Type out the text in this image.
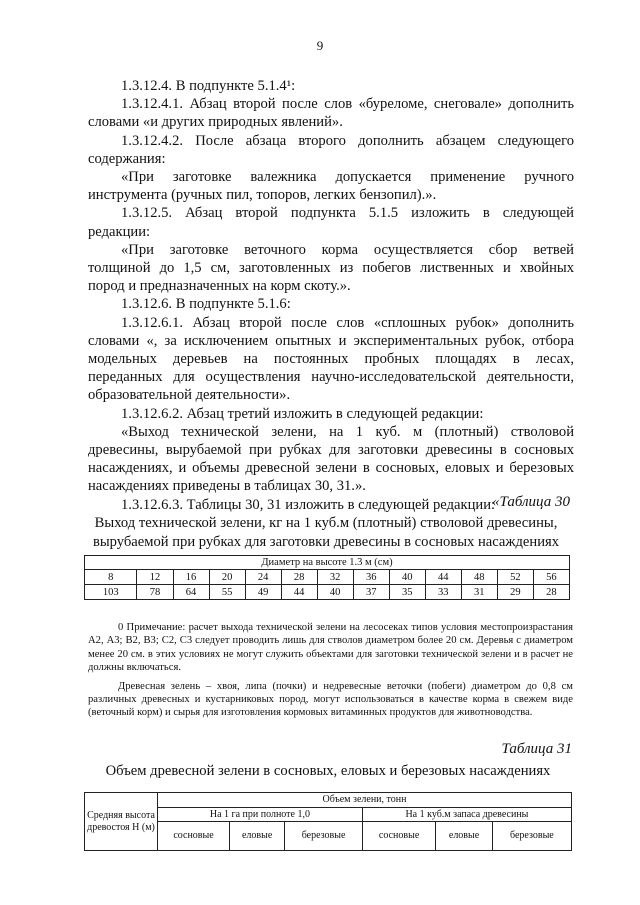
9

1.3.12.4. В подпункте 5.1.4¹:

1.3.12.4.1. Абзац второй после слов «буреломе, снеговале» дополнить

словами «и других природных явлений».

1.3.12.4.2. После абзаца второго дополнить абзацем следующего

содержания:

«При заготовке валежника допускается применение ручного

инструмента (ручных пил, топоров, легких бензопил).».

1.3.12.5. Абзац второй подпункта 5.1.5 изложить в следующей

редакции:

«При заготовке веточного корма осуществляется сбор ветвей

толщиной до 1,5 см, заготовленных из побегов лиственных и хвойных

пород и предназначенных на корм скоту.».

1.3.12.6. В подпункте 5.1.6:

1.3.12.6.1. Абзац второй после слов «сплошных рубок» дополнить

словами «, за исключением опытных и экспериментальных рубок, отбора

модельных деревьев на постоянных пробных площадях в лесах,

переданных для осуществления научно-исследовательской деятельности,

образовательной деятельности».

1.3.12.6.2. Абзац третий изложить в следующей редакции:

«Выход технической зелени, на 1 куб. м (плотный) стволовой

древесины, вырубаемой при рубках для заготовки древесины в сосновых

насаждениях, и объемы древесной зелени в сосновых, еловых и березовых

насаждениях приведены в таблицах 30, 31.».

1.3.12.6.3. Таблицы 30, 31 изложить в следующей редакции:

«Таблица 30
Выход технической зелени, кг на 1 куб.м (плотный) стволовой древесины,
вырубаемой при рубках для заготовки древесины в сосновых насаждениях
Диаметр на высоте 1.3 м (см)												
8	12	16	20	24	28	32	36	40	44	48	52	56
103	78	64	55	49	44	40	37	35	33	31	29	28

0 Примечание: расчет выхода технической зелени на лесосеках типов условия местопроизрастания А2, А3; В2, В3; С2, С3 следует проводить лишь для стволов диаметром более 20 см. Деревья с диаметром менее 20 см. в этих условиях не могут служить объектами для заготовки технической зелени и в расчет не должны включаться.

Древесная зелень – хвоя, липа (почки) и недревесные веточки (побеги) диаметром до 0,8 см различных древесных и кустарниковых пород, могут использоваться в качестве корма в свежем виде (веточный корм) и сырья для изготовления кормовых витаминных продуктов для животноводства.

Таблица 31
Объем древесной зелени в сосновых, еловых и березовых насаждениях
Средняя высота древостоя Н (м)	Объем зелени, тонн					
	На 1 га при полноте 1,0			На 1 куб.м запаса древесины		
	сосновые	еловые	березовые	сосновые	еловые	березовые
